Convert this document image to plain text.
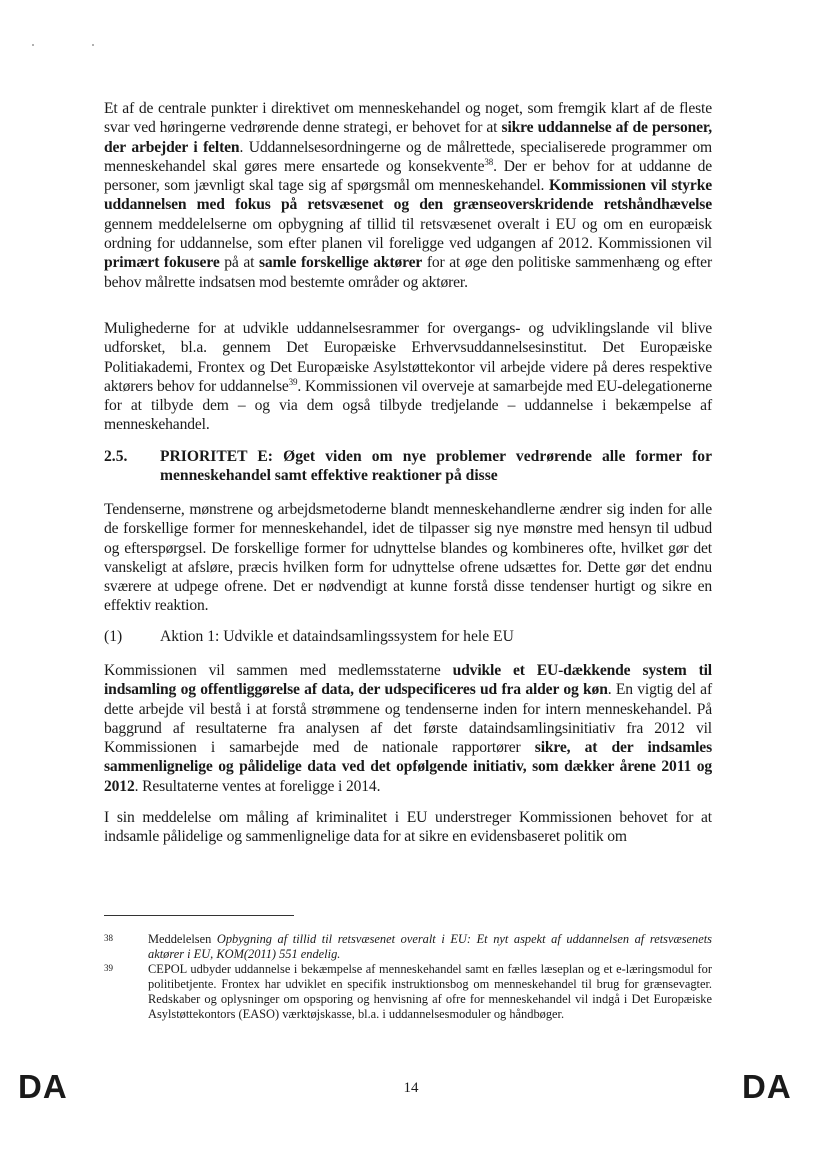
Et af de centrale punkter i direktivet om menneskehandel og noget, som fremgik klart af de fleste svar ved høringerne vedrørende denne strategi, er behovet for at sikre uddannelse af de personer, der arbejder i felten. Uddannelsesordningerne og de målrettede, specialiserede programmer om menneskehandel skal gøres mere ensartede og konsekvente$^{38}$. Der er behov for at uddanne de personer, som jævnligt skal tage sig af spørgsmål om menneskehandel. Kommissionen vil styrke uddannelsen med fokus på retsvæsenet og den grænseoverskridende retshåndhævelse gennem meddelelserne om opbygning af tillid til retsvæsenet overalt i EU og om en europæisk ordning for uddannelse, som efter planen vil foreligge ved udgangen af 2012. Kommissionen vil primært fokusere på at samle forskellige aktører for at øge den politiske sammenhæng og efter behov målrette indsatsen mod bestemte områder og aktører.

Mulighederne for at udvikle uddannelsesrammer for overgangs- og udviklingslande vil blive udforsket, bl.a. gennem Det Europæiske Erhvervsuddannelsesinstitut. Det Europæiske Politiakademi, Frontex og Det Europæiske Asylstøttekontor vil arbejde videre på deres respektive aktørers behov for uddannelse$^{39}$. Kommissionen vil overveje at samarbejde med EU-delegationerne for at tilbyde dem – og via dem også tilbyde tredjelande – uddannelse i bekæmpelse af menneskehandel.

2.5.	PRIORITET E: Øget viden om nye problemer vedrørende alle former for menneskehandel samt effektive reaktioner på disse

Tendenserne, mønstrene og arbejdsmetoderne blandt menneskehandlerne ændrer sig inden for alle de forskellige former for menneskehandel, idet de tilpasser sig nye mønstre med hensyn til udbud og efterspørgsel. De forskellige former for udnyttelse blandes og kombineres ofte, hvilket gør det vanskeligt at afsløre, præcis hvilken form for udnyttelse ofrene udsættes for. Dette gør det endnu sværere at udpege ofrene. Det er nødvendigt at kunne forstå disse tendenser hurtigt og sikre en effektiv reaktion.

(1)	Aktion 1: Udvikle et dataindsamlingssystem for hele EU

Kommissionen vil sammen med medlemsstaterne udvikle et EU-dækkende system til indsamling og offentliggørelse af data, der udspecificeres ud fra alder og køn. En vigtig del af dette arbejde vil bestå i at forstå strømmene og tendenserne inden for intern menneskehandel. På baggrund af resultaterne fra analysen af det første dataindsamlingsinitiativ fra 2012 vil Kommissionen i samarbejde med de nationale rapportører sikre, at der indsamles sammenlignelige og pålidelige data ved det opfølgende initiativ, som dækker årene 2011 og 2012. Resultaterne ventes at foreligge i 2014.

I sin meddelelse om måling af kriminalitet i EU understreger Kommissionen behovet for at indsamle pålidelige og sammenlignelige data for at sikre en evidensbaseret politik om

38	Meddelelsen Opbygning af tillid til retsvæsenet overalt i EU: Et nyt aspekt af uddannelsen af retsvæsenets aktører i EU, KOM(2011) 551 endelig.
39	CEPOL udbyder uddannelse i bekæmpelse af menneskehandel samt en fælles læseplan og et e-læringsmodul for politibetjente. Frontex har udviklet en specifik instruktionsbog om menneskehandel til brug for grænsevagter. Redskaber og oplysninger om opsporing og henvisning af ofre for menneskehandel vil indgå i Det Europæiske Asylstøttekontors (EASO) værktøjskasse, bl.a. i uddannelsesmoduler og håndbøger.
DA	14	DA
